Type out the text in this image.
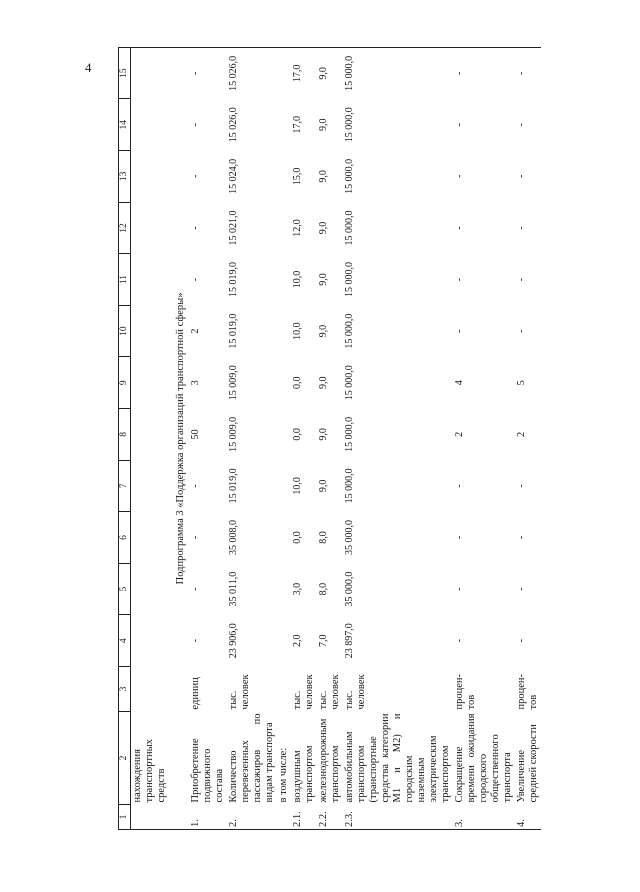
4
1	2	3	4	5	6	7	8	9	10	11	12	13	14	15
	нахождения транспортных средств													
Подпрограмма 3 «Поддержка организаций транспортной сферы»														
1.	Приобретение подвижного состава	единиц	-	-	-	-	50	3	2	-	-	-	-	-
2.	Количество перевезенных пассажиров по видам транспорта	тыс. человек	23 906,0	35 011,0	35 008,0	15 019,0	15 009,0	15 009,0	15 019,0	15 019,0	15 021,0	15 024,0	15 026,0	15 026,0
	в том числе:													
2.1.	воздушным транспортом	тыс. человек	2,0	3,0	0,0	10,0	0,0	0,0	10,0	10,0	12,0	15,0	17,0	17,0
2.2.	железнодорожным транспортом	тыс. человек	7,0	8,0	8,0	9,0	9,0	9,0	9,0	9,0	9,0	9,0	9,0	9,0
2.3.	автомобильным транспортом (транспортные средства категории М1 и М2) и городским наземным электрическим транспортом	тыс. человек	23 897,0	35 000,0	35 000,0	15 000,0	15 000,0	15 000,0	15 000,0	15 000,0	15 000,0	15 000,0	15 000,0	15 000,0
3.	Сокращение времени ожидания городского общественного транспорта	процен-тов	-	-	-	-	2	4	-	-	-	-	-	-
4.	Увеличение средней скорости	процен-тов	-	-	-	-	2	5	-	-	-	-	-	-
